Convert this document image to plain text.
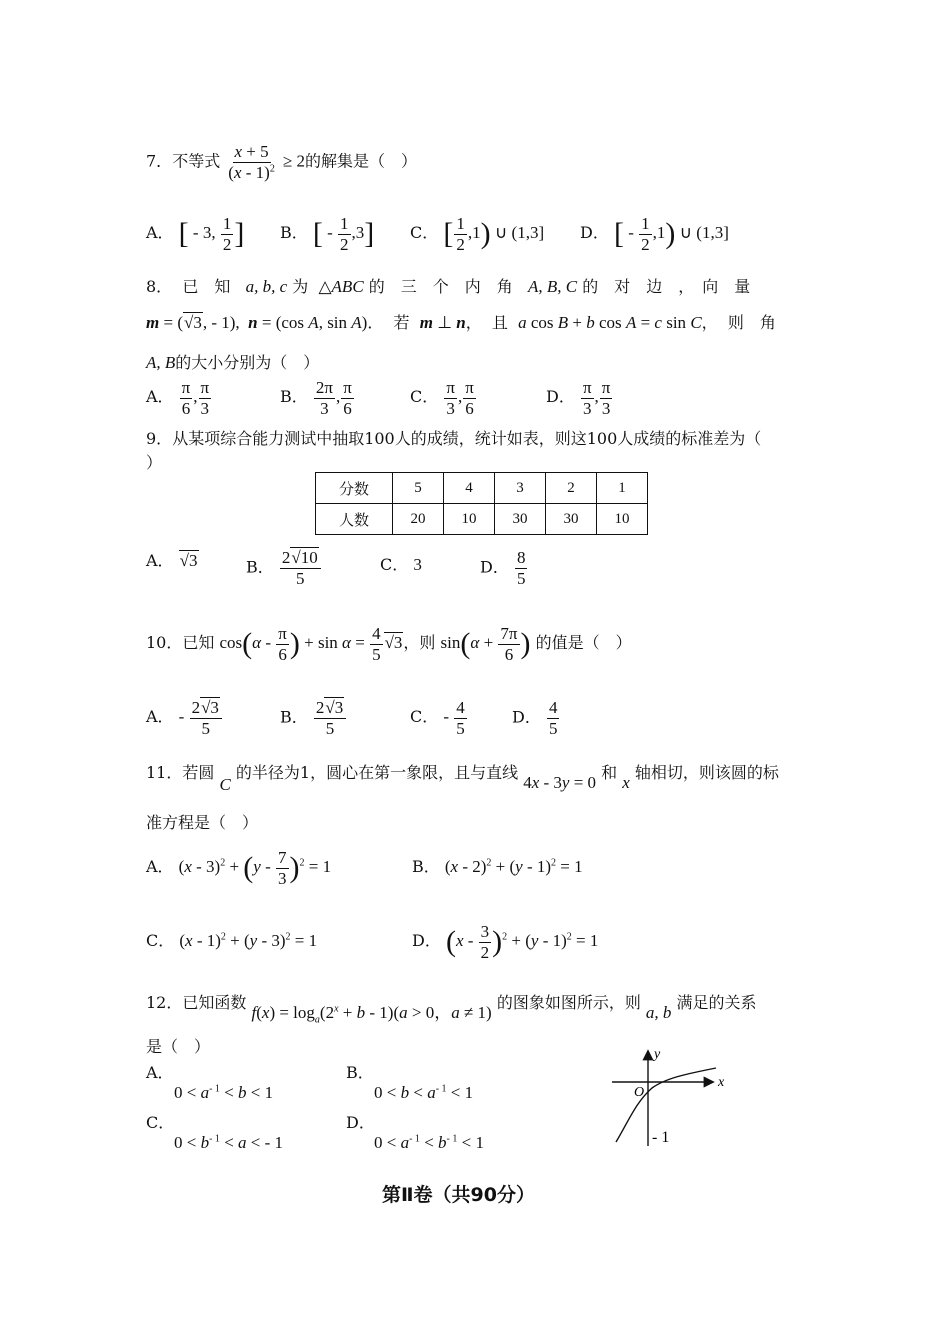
7．不等式 $\frac{x + 5}{(x - 1)^2} \ge 2$的解集是（　）
A． [ - 3, $\frac{1}{2}$ ] B． [ - $\frac{1}{2} ,3$] C． [ $\frac{1}{2} ,1$) ∪ (1,3] D． [ - $\frac{1}{2} ,1$) ∪ (1,3]
8． 已　知 a, b, c 为 △ABC 的　三　个　内　角 A, B, C 的　对　边　，　向　量
m = (√3, - 1),  n = (cos A, sin A)．  若 m ⊥ n，  且 a cos B + b cos A = c sin C，  则　角
A, B的大小分别为（　）
A． $\frac{\pi}{6}$ , $\frac{\pi}{3}$	B． $\frac{2\pi}{3}$ , $\frac{\pi}{6}$	C． $\frac{\pi}{3}$ , $\frac{\pi}{6}$	D． $\frac{\pi}{3}$ , $\frac{\pi}{3}$
9．从某项综合能力测试中抽取100人的成绩，统计如表，则这100人成绩的标准差为（
）
分数	5	4	3	2	1
人数	20	10	30	30	10
A． √3	B． $\frac{2√10}{5}$	C． 3	D． $\frac{8}{5}$
10．已知 $\cos(\alpha - \frac{\pi}{6}$ ) + $\sin \alpha = \frac{4}{5} √3$，则 $\sin(\alpha + \frac{7\pi}{6}$ ) 的值是（　）
A． - $\frac{2√3}{5}$	B． $\frac{2√3}{5}$	C． - $\frac{4}{5}$	D． $\frac{4}{5}$
11．若圆 C 的半径为1，圆心在第一象限，且与直线 4x - 3y = 0 和 x 轴相切，则该圆的标
准方程是（　）
A． $(x - 3)^2 + (y - \frac{7}{3} )^2 = 1$	B． (x - 2)$^2$ + (y - 1)$^2$ = 1
C． (x - 1)$^2$ + (y - 3)$^2$ = 1	D． $(x - \frac{3}{2} )^2 + (y - 1)^2 = 1$
12．已知函数 $f(x) = \log_a(2^x + b - 1)(a > 0$，a ≠ 1) 的图象如图所示，则 a, b 满足的关系
是（　）
A．
$0 < a^{- 1} < b < 1$
B．
$0 < b < a^{- 1} < 1$
C．
$0 < b^{- 1} < a$ < - 1
D．
$0 < a^{- 1} < b^{- 1} < 1$
x
y
O
- 1
第Ⅱ卷（共90分）
